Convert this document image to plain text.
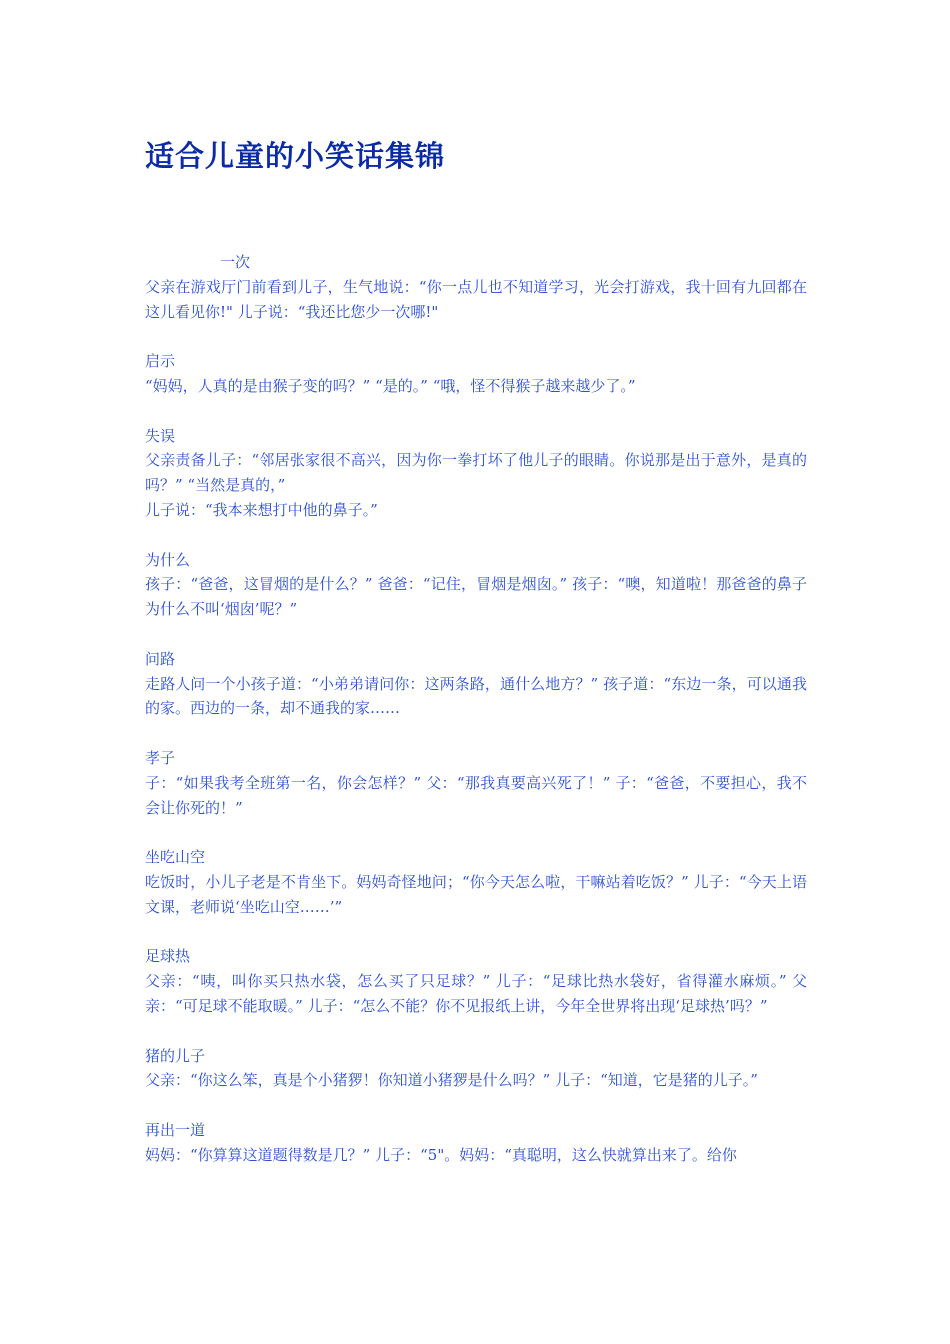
适合儿童的小笑话集锦

一次

父亲在游戏厅门前看到儿子，生气地说：“你一点儿也不知道学习，光会打游戏，我十回有九回都在这儿看见你!" 儿子说：“我还比您少一次哪!"

启示

“妈妈，人真的是由猴子变的吗？” “是的。” “哦，怪不得猴子越来越少了。”

失误

父亲责备儿子：“邻居张家很不高兴，因为你一拳打坏了他儿子的眼睛。你说那是出于意外，是真的吗？” “当然是真的，”

儿子说：“我本来想打中他的鼻子。”

为什么

孩子：“爸爸，这冒烟的是什么？” 爸爸：“记住，冒烟是烟囱。” 孩子：“噢，知道啦！那爸爸的鼻子为什么不叫‘烟囱’呢？”

问路

走路人问一个小孩子道：“小弟弟请问你：这两条路，通什么地方？” 孩子道：“东边一条，可以通我的家。西边的一条，却不通我的家……

孝子

子：“如果我考全班第一名，你会怎样？” 父：“那我真要高兴死了！” 子：“爸爸，不要担心，我不会让你死的！”

坐吃山空

吃饭时，小儿子老是不肯坐下。妈妈奇怪地问；“你今天怎么啦，干嘛站着吃饭？” 儿子：“今天上语文课，老师说‘坐吃山空……’”

足球热

父亲：“咦，叫你买只热水袋，怎么买了只足球？” 儿子：“足球比热水袋好，省得灌水麻烦。” 父亲：“可足球不能取暖。” 儿子：“怎么不能？你不见报纸上讲，今年全世界将出现‘足球热’吗？”

猪的儿子

父亲：“你这么笨，真是个小猪猡！你知道小猪猡是什么吗？” 儿子：“知道，它是猪的儿子。”

再出一道

妈妈：“你算算这道题得数是几？” 儿子：“5"。妈妈：“真聪明，这么快就算出来了。给你
